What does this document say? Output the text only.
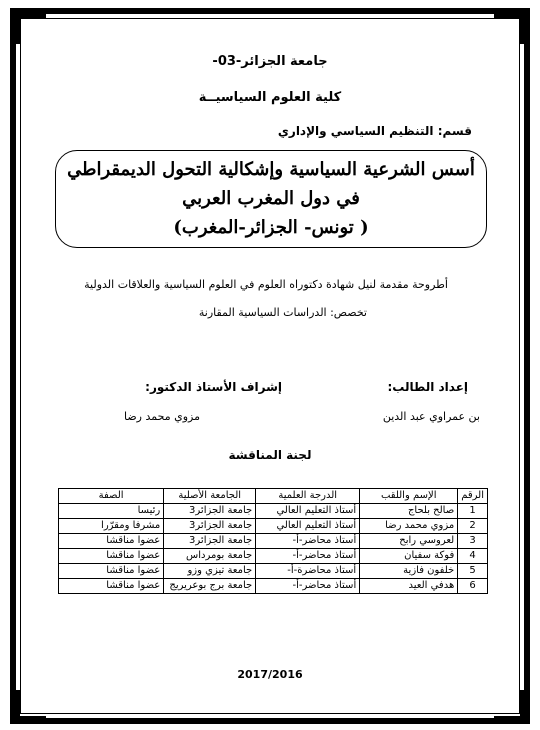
جامعة الجزائر-03-
كلية العلوم السياسيــة
قسم: التنظيم السياسي والإداري
أسس الشرعية السياسية وإشكالية التحول الديمقراطي
في دول المغرب العربي
( تونس- الجزائر-المغرب)
أطروحة مقدمة لنيل شهادة دكتوراه العلوم في العلوم السياسية والعلاقات الدولية
تخصص: الدراسات السياسية المقارنة
إعداد الطالب:
إشراف الأستاذ الدكتور:
بن عمراوي عبد الدين
مزوي محمد رضا
لجنة المناقشة
الرقم	الإسم واللقب	الدرجة العلمية	الجامعة الأصلية	الصفة
1	صالح بلحاج	أستاذ التعليم العالي	جامعة الجزائر3	رئيسا
2	مزوي محمد رضا	أستاذ التعليم العالي	جامعة الجزائر3	مشرفا ومقرّرا
3	لعروسي رابح	أستاذ محاضر-أ-	جامعة الجزائر3	عضوا مناقشا
4	فوكة سفيان	أستاذ محاضر-أ-	جامعة بومرداس	عضوا مناقشا
5	خلفون فازية	أستاذ محاضرة-أ-	جامعة تيزي وزو	عضوا مناقشا
6	هدفي العيد	أستاذ محاضر-أ-	جامعة برج بوعريريج	عضوا مناقشا
2017/2016
